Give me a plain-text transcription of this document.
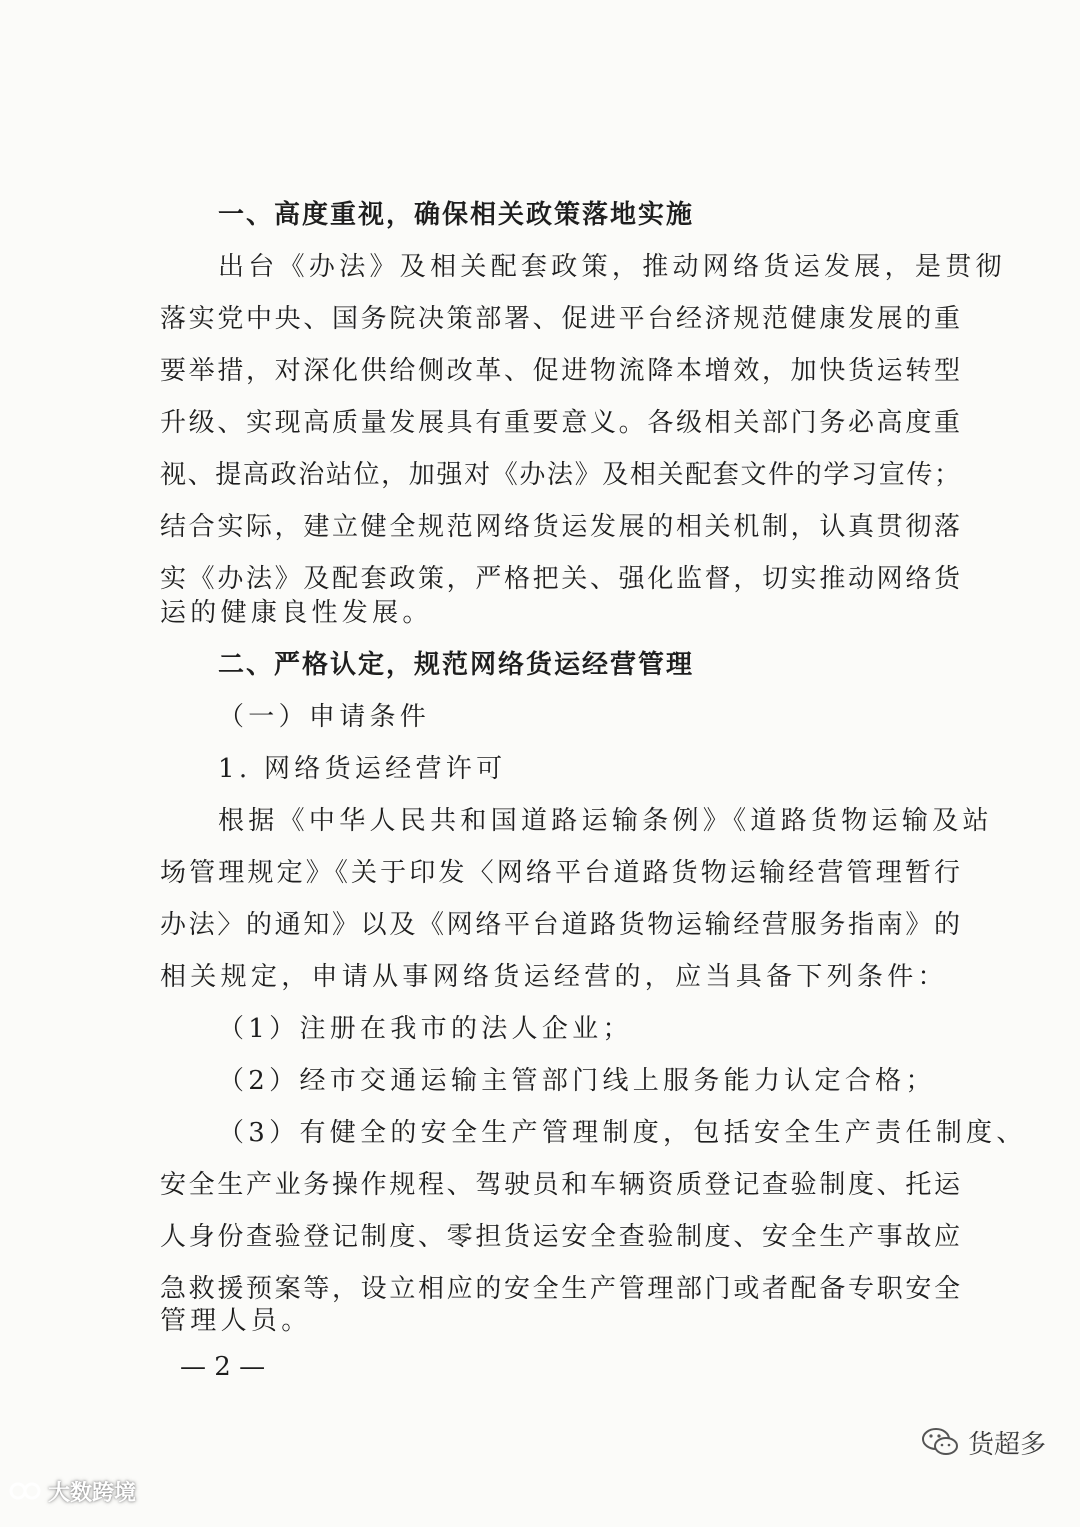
一、高度重视，确保相关政策落地实施
出台《办法》及相关配套政策，推动网络货运发展，是贯彻
落实党中央、国务院决策部署、促进平台经济规范健康发展的重
要举措，对深化供给侧改革、促进物流降本增效，加快货运转型
升级、实现高质量发展具有重要意义。各级相关部门务必高度重
视、提高政治站位，加强对《办法》及相关配套文件的学习宣传；
结合实际，建立健全规范网络货运发展的相关机制，认真贯彻落
实《办法》及配套政策，严格把关、强化监督，切实推动网络货
运的健康良性发展。
二、严格认定，规范网络货运经营管理
（一）申请条件
1. 网络货运经营许可
根据《中华人民共和国道路运输条例》《道路货物运输及站
场管理规定》《关于印发〈网络平台道路货物运输经营管理暂行
办法〉的通知》以及《网络平台道路货物运输经营服务指南》的
相关规定，申请从事网络货运经营的，应当具备下列条件：
（1）注册在我市的法人企业；
（2）经市交通运输主管部门线上服务能力认定合格；
（3）有健全的安全生产管理制度，包括安全生产责任制度、
安全生产业务操作规程、驾驶员和车辆资质登记查验制度、托运
人身份查验登记制度、零担货运安全查验制度、安全生产事故应
急救援预案等，设立相应的安全生产管理部门或者配备专职安全
管理人员。
— 2 —
货超多
大数跨境
